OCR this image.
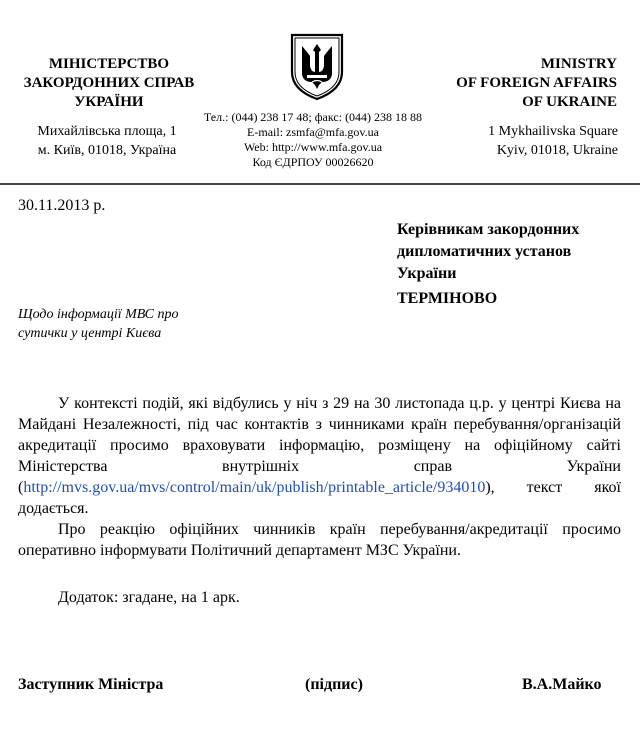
МІНІСТЕРСТВО
ЗАКОРДОННИХ СПРАВ
УКРАЇНИ
Михайлівська площа, 1
м. Київ, 01018, Україна
Тел.: (044) 238 17 48; факс: (044) 238 18 88
E-mail: zsmfa@mfa.gov.ua
Web: http://www.mfa.gov.ua
Код ЄДРПОУ 00026620
MINISTRY
OF FOREIGN AFFAIRS
OF UKRAINE
1 Mykhailivska Square
Kyiv, 01018, Ukraine
30.11.2013 р.
Керівникам закордонних
дипломатичних установ
України
ТЕРМІНОВО
Щодо інформації МВС про
сутички у центрі Києва

У контексті подій, які відбулись у ніч з 29 на 30 листопада ц.р. у центрі Києва на Майдані Незалежності, під час контактів з чинниками країн перебування/організацій акредитації просимо враховувати інформацію, розміщену на офіційному сайті Міністерства внутрішніх справ України (http://mvs.gov.ua/mvs/control/main/uk/publish/printable_article/934010), текст якої додається.

Про реакцію офіційних чинників країн перебування/акредитації просимо оперативно інформувати Політичний департамент МЗС України.

Додаток: згадане, на 1 арк.
Заступник Міністра	(підпис)	В.А.Майко
